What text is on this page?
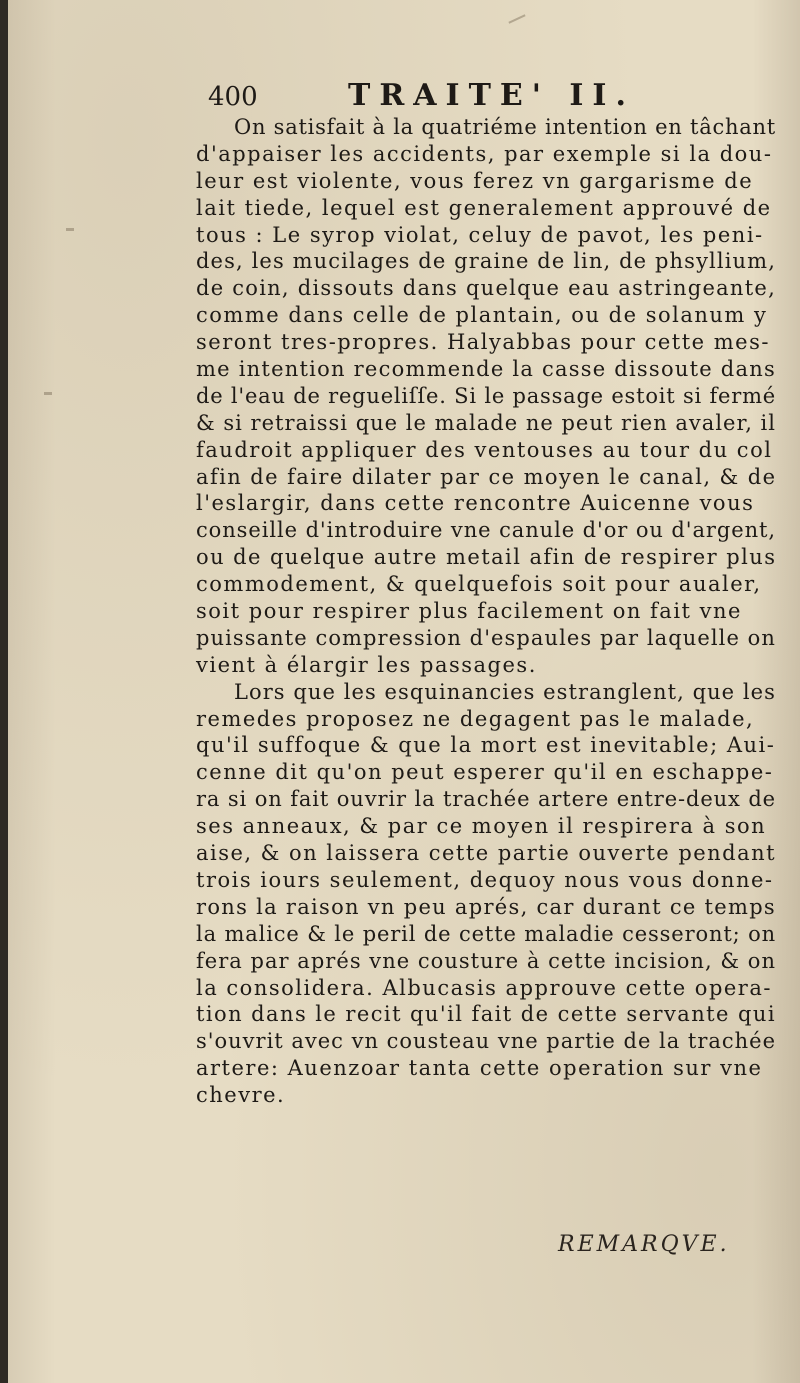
400	TRAITE' II.
On satisfait à la quatriéme intention en tâchant
d'appaiser les accidents, par exemple si la dou-
leur est violente, vous ferez vn gargarisme de
lait tiede, lequel est generalement approuvé de
tous : Le syrop violat, celuy de pavot, les peni-
des, les mucilages de graine de lin, de phsyllium,
de coin, dissouts dans quelque eau astringeante,
comme dans celle de plantain, ou de solanum y
seront tres-propres. Halyabbas pour cette mes-
me intention recommende la casse dissoute dans
de l'eau de regueliſſe. Si le passage estoit si fermé
& si retraissi que le malade ne peut rien avaler, il
faudroit appliquer des ventouses au tour du col
afin de faire dilater par ce moyen le canal, & de
l'eslargir, dans cette rencontre Auicenne vous
conseille d'introduire vne canule d'or ou d'argent,
ou de quelque autre metail afin de respirer plus
commodement, & quelquefois soit pour aualer,
soit pour respirer plus facilement on fait vne
puissante compression d'espaules par laquelle on
vient à élargir les passages.
Lors que les esquinancies estranglent, que les
remedes proposez ne degagent pas le malade,
qu'il suffoque & que la mort est inevitable; Aui-
cenne dit qu'on peut esperer qu'il en eschappe-
ra si on fait ouvrir la trachée artere entre-deux de
ses anneaux, & par ce moyen il respirera à son
aise, & on laissera cette partie ouverte pendant
trois iours seulement, dequoy nous vous donne-
rons la raison vn peu aprés, car durant ce temps
la malice & le peril de cette maladie cesseront; on
fera par aprés vne cousture à cette incision, & on
la consolidera. Albucasis approuve cette opera-
tion dans le recit qu'il fait de cette servante qui
s'ouvrit avec vn cousteau vne partie de la trachée
artere: Auenzoar tanta cette operation sur vne
chevre.
REMARQVE.
